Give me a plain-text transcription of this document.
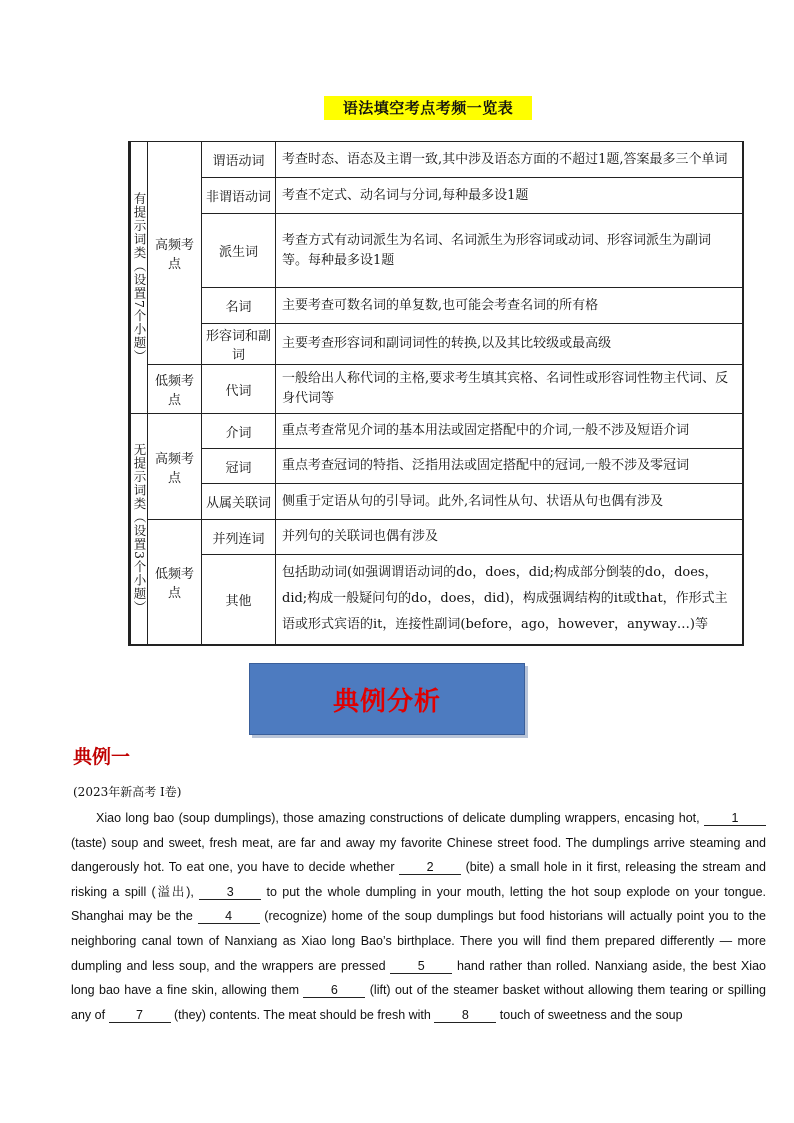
语法填空考点考频一览表
有提示词类（设置7个小题）	高频考点	谓语动词	考查时态、语态及主谓一致,其中涉及语态方面的不超过1题,答案最多三个单词
		非谓语动词	考查不定式、动名词与分词,每种最多设1题
		派生词	考查方式有动词派生为名词、名词派生为形容词或动词、形容词派生为副词等。每种最多设1题
		名词	主要考查可数名词的单复数,也可能会考查名词的所有格
		形容词和副词	主要考查形容词和副词词性的转换,以及其比较级或最高级
	低频考点	代词	一般给出人称代词的主格,要求考生填其宾格、名词性或形容词性物主代词、反身代词等

无提示词类（设置3个小题）	高频考点	介词	重点考查常见介词的基本用法或固定搭配中的介词,一般不涉及短语介词
		冠词	重点考查冠词的特指、泛指用法或固定搭配中的冠词,一般不涉及零冠词
		从属关联词	侧重于定语从句的引导词。此外,名词性从句、状语从句也偶有涉及
	低频考点	并列连词	并列句的关联词也偶有涉及
		其他	包括助动词(如强调谓语动词的do，does，did;构成部分倒装的do，does，did;构成一般疑问句的do，does，did)，构成强调结构的it或that，作形式主语或形式宾语的it，连接性副词(before，ago，however，anyway…)等
典例分析
典例一
(2023年新高考 I卷)
Xiao long bao (soup dumplings), those amazing constructions of delicate dumpling wrappers, encasing hot, 1 (taste) soup and sweet, fresh meat, are far and away my favorite Chinese street food. The dumplings arrive steaming and dangerously hot. To eat one, you have to decide whether 2 (bite) a small hole in it first, releasing the stream and risking a spill (溢出), 3 to put the whole dumpling in your mouth, letting the hot soup explode on your tongue. Shanghai may be the 4 (recognize) home of the soup dumplings but food historians will actually point you to the neighboring canal town of Nanxiang as Xiao long Bao’s birthplace. There you will find them prepared differently — more dumpling and less soup, and the wrappers are pressed 5 hand rather than rolled. Nanxiang aside, the best Xiao long bao have a fine skin, allowing them 6 (lift) out of the steamer basket without allowing them tearing or spilling any of 7 (they) contents. The meat should be fresh with 8 touch of sweetness and the soup
